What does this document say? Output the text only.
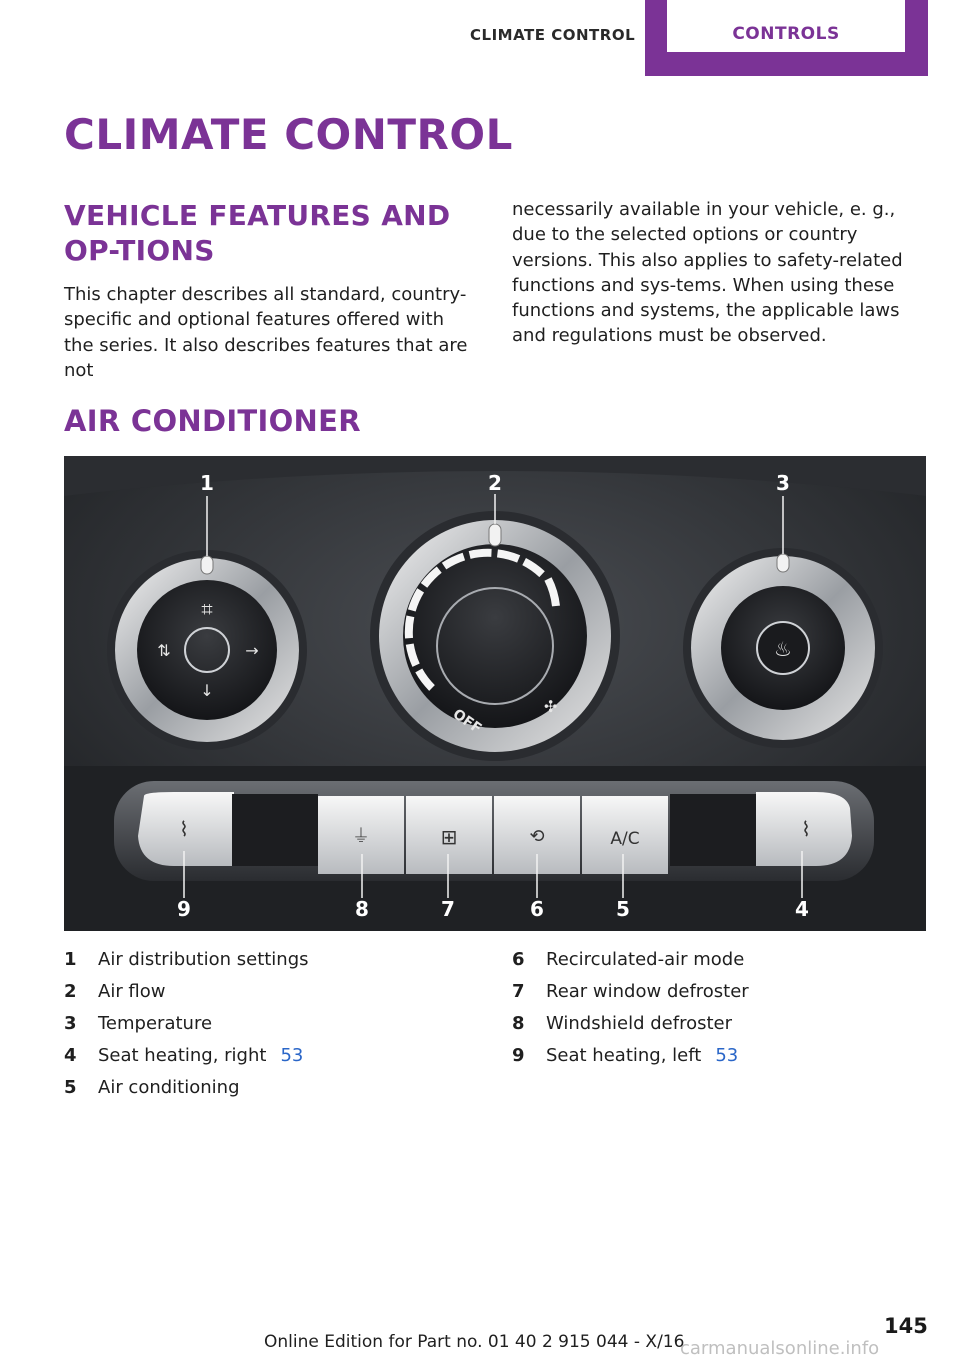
CLIMATE CONTROL	CONTROLS
CLIMATE CONTROL
VEHICLE FEATURES AND OP-TIONS

This chapter describes all standard, country-specific and optional features offered with the series. It also describes features that are not

necessarily available in your vehicle, e. g., due to the selected options or country versions. This also applies to safety-related functions and sys-tems. When using these functions and systems, the applicable laws and regulations must be observed.

AIR CONDITIONER
⌗
⇅	→
↓
OFF	✣
♨
⌇	⏚	⊞	⟲	A/C	⌇
1	2	3
4
5
6
7
8
9
1	Air distribution settings
2	Air flow
3	Temperature
4	Seat heating, right 53
5	Air conditioning
6	Recirculated-air mode
7	Rear window defroster
8	Windshield defroster
9	Seat heating, left 53
Online Edition for Part no. 01 40 2 915 044 - X/16
145
carmanualsonline.info
